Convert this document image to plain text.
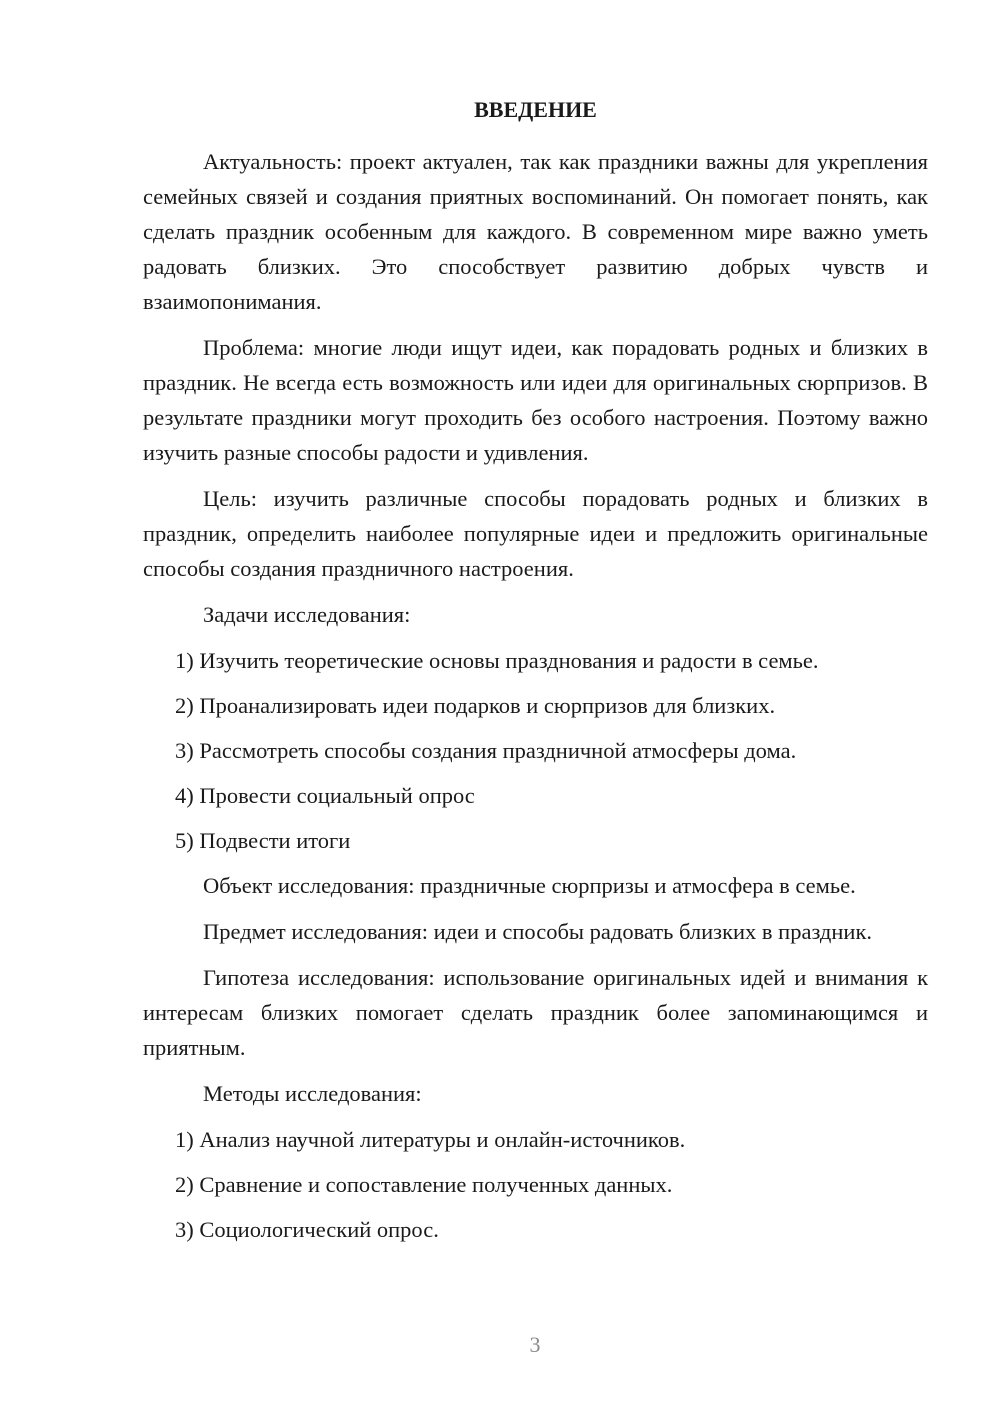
ВВЕДЕНИЕ

Актуальность: проект актуален, так как праздники важны для укрепления семейных связей и создания приятных воспоминаний. Он помогает понять, как сделать праздник особенным для каждого. В современном мире важно уметь радовать близких. Это способствует развитию добрых чувств и взаимопонимания.

Проблема: многие люди ищут идеи, как порадовать родных и близких в праздник. Не всегда есть возможность или идеи для оригинальных сюрпризов. В результате праздники могут проходить без особого настроения. Поэтому важно изучить разные способы радости и удивления.

Цель: изучить различные способы порадовать родных и близких в праздник, определить наиболее популярные идеи и предложить оригинальные способы создания праздничного настроения.

Задачи исследования:

1) Изучить теоретические основы празднования и радости в семье.

2) Проанализировать идеи подарков и сюрпризов для близких.

3) Рассмотреть способы создания праздничной атмосферы дома.

4) Провести социальный опрос

5) Подвести итоги

Объект исследования: праздничные сюрпризы и атмосфера в семье.

Предмет исследования: идеи и способы радовать близких в праздник.

Гипотеза исследования: использование оригинальных идей и внимания к интересам близких помогает сделать праздник более запоминающимся и приятным.

Методы исследования:

1) Анализ научной литературы и онлайн-источников.

2) Сравнение и сопоставление полученных данных.

3) Социологический опрос.

3
